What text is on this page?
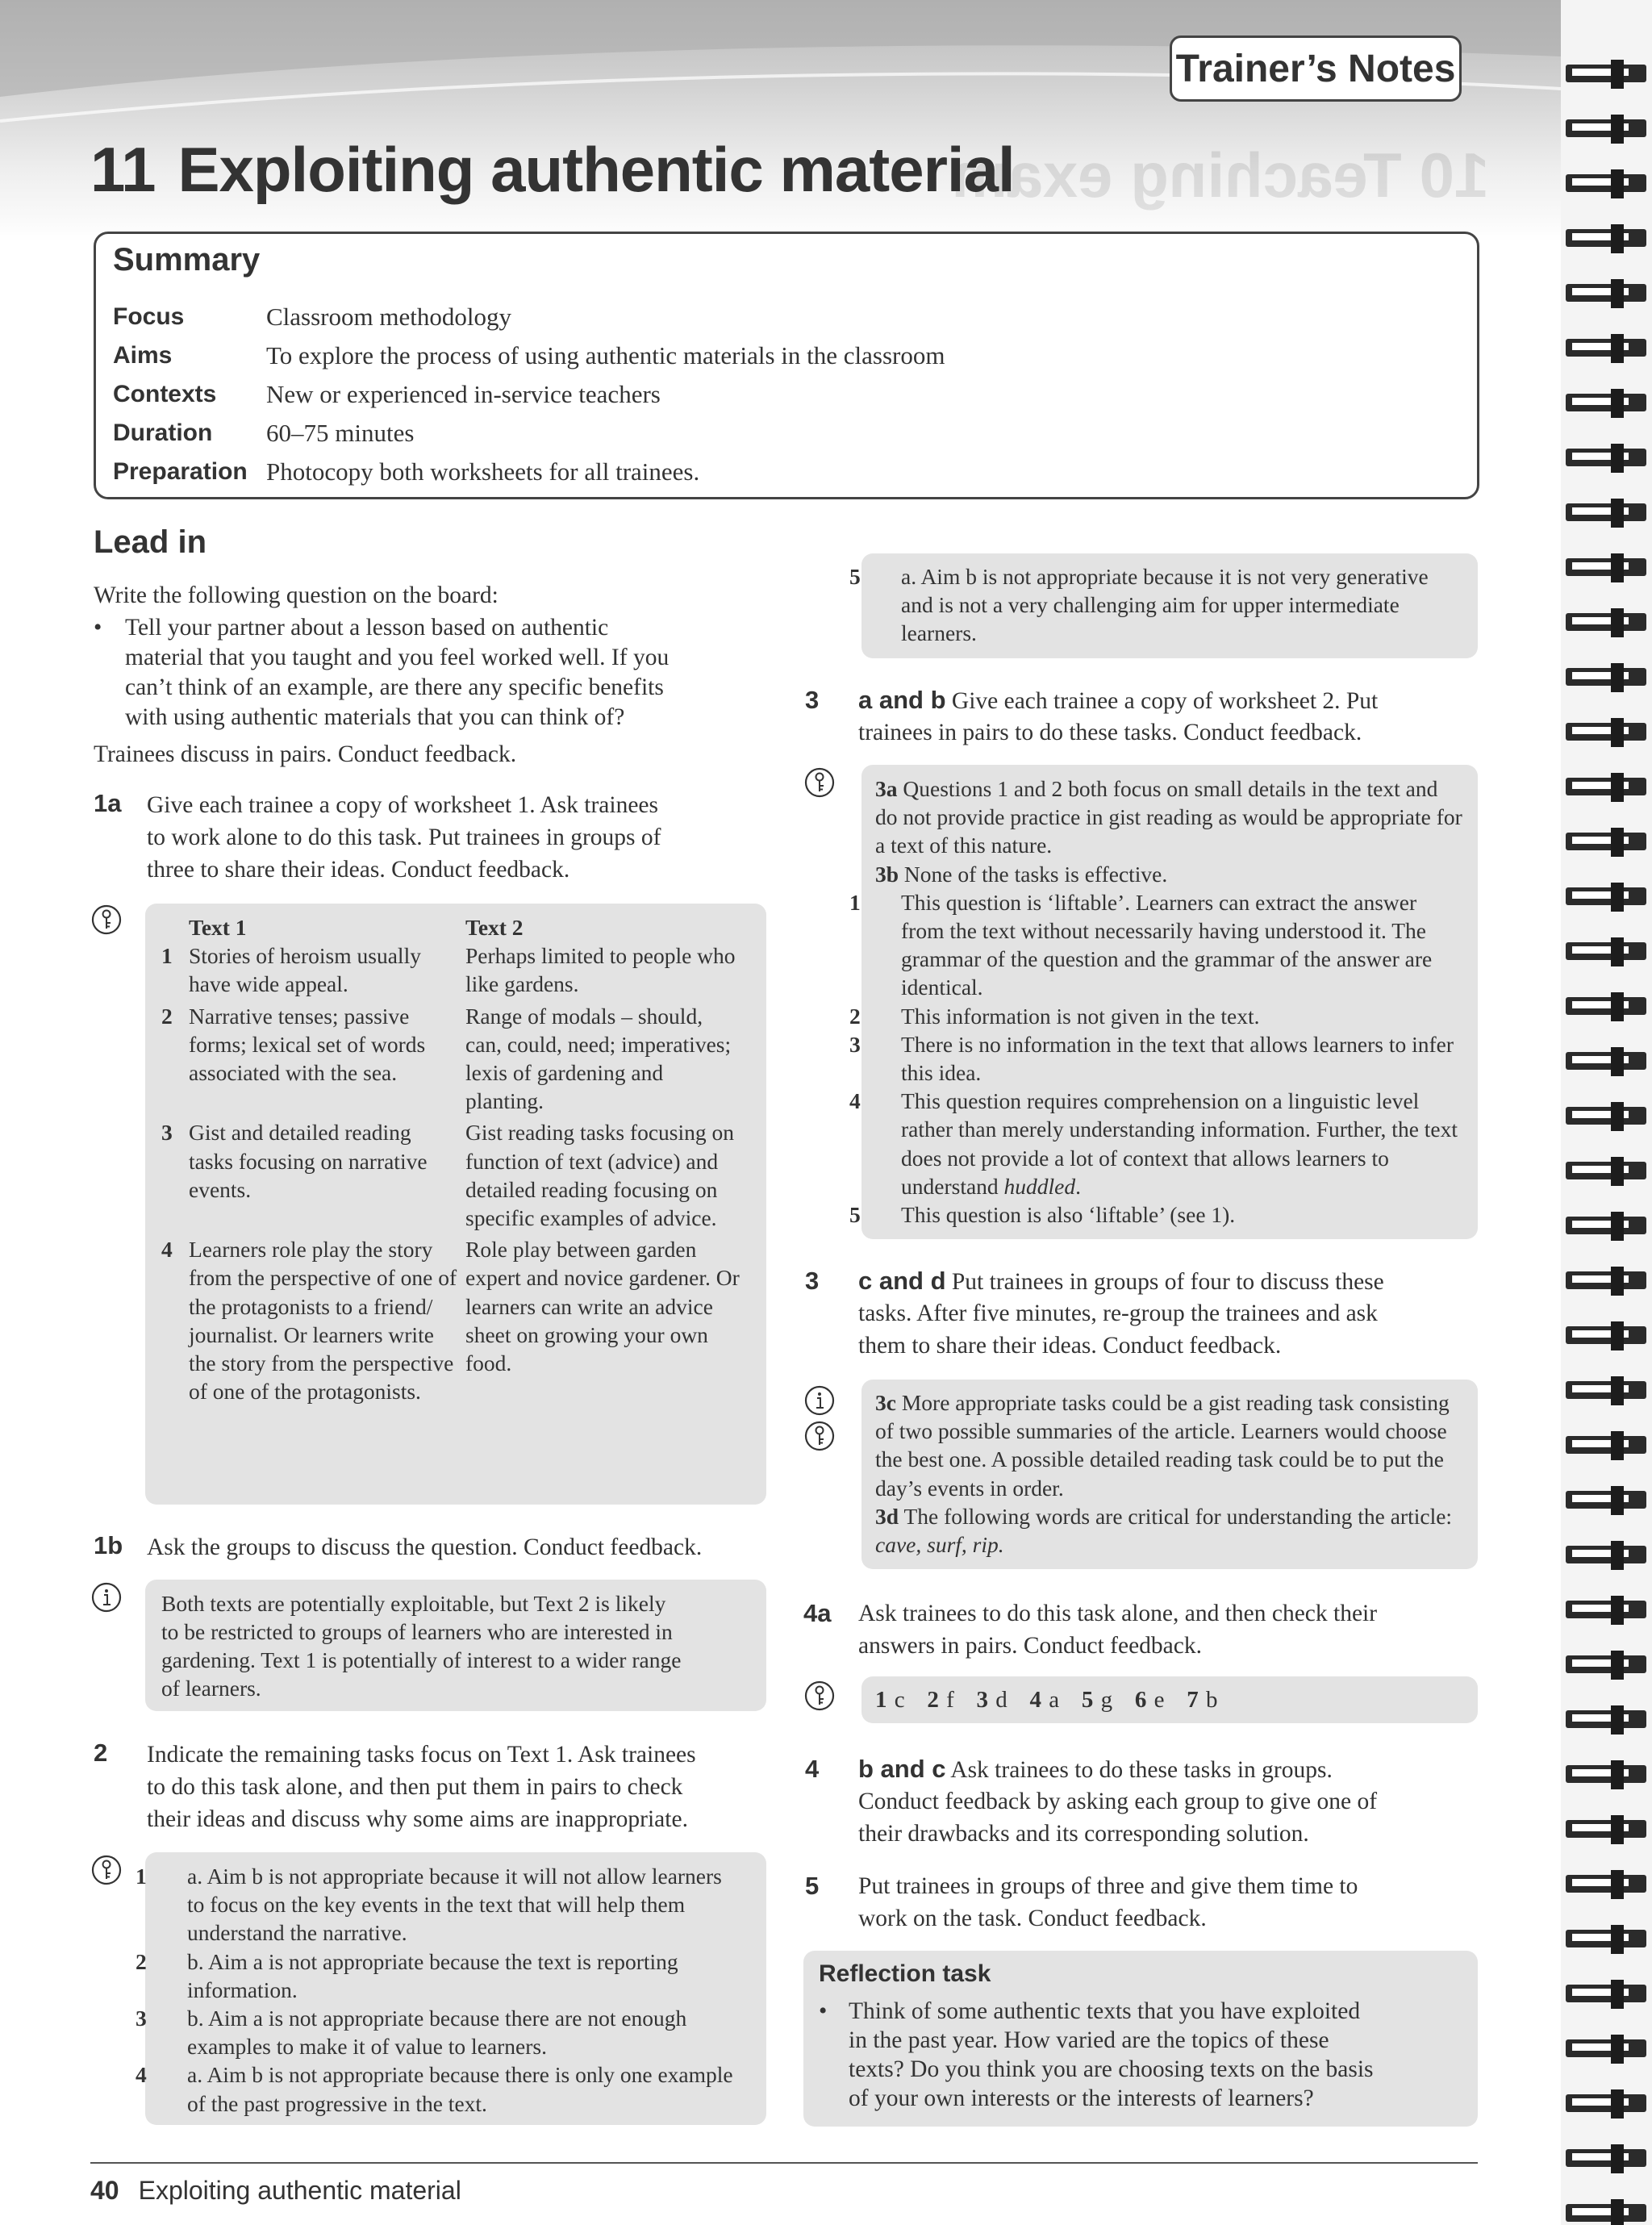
10 Teaching exam
Trainer’s Notes
11 Exploiting authentic material
Summary
Focus	Classroom methodology
Aims	To explore the process of using authentic materials in the classroom
Contexts	New or experienced in-service teachers
Duration	60–75 minutes
Preparation Photocopy both worksheets for all trainees.
Lead in
Write the following question on the board:
• Tell your partner about a lesson based on authentic
material that you taught and you feel worked well. If you
can’t think of an example, are there any specific benefits
with using authentic materials that you can think of?
Trainees discuss in pairs. Conduct feedback.
1a Give each trainee a copy of worksheet 1. Ask trainees
to work alone to do this task. Put trainees in groups of
three to share their ideas. Conduct feedback.
	Text 1	Text 2
1	Stories of heroism usually have wide appeal.	Perhaps limited to people who like gardens.
2	Narrative tenses; passive forms; lexical set of words associated with the sea.	Range of modals – should, can, could, need; imperatives; lexis of gardening and planting.
3	Gist and detailed reading tasks focusing on narrative events.	Gist reading tasks focusing on function of text (advice) and detailed reading focusing on specific examples of advice.
4	Learners role play the story from the perspective of one of the protagonists to a friend/ journalist. Or learners write the story from the perspective of one of the protagonists.	Role play between garden expert and novice gardener. Or learners can write an advice sheet on growing your own food.
1b Ask the groups to discuss the question. Conduct feedback.
Both texts are potentially exploitable, but Text 2 is likely
to be restricted to groups of learners who are interested in
gardening. Text 1 is potentially of interest to a wider range
of learners.
2 Indicate the remaining tasks focus on Text 1. Ask trainees
to do this task alone, and then put them in pairs to check
their ideas and discuss why some aims are inappropriate.

1 a. Aim b is not appropriate because it will not allow learners to focus on the key events in the text that will help them understand the narrative.

2 b. Aim a is not appropriate because the text is reporting information.

3 b. Aim a is not appropriate because there are not enough examples to make it of value to learners.

4 a. Aim b is not appropriate because there is only one example of the past progressive in the text.

5 a. Aim b is not appropriate because it is not very generative and is not a very challenging aim for upper intermediate learners.

3 a and b Give each trainee a copy of worksheet 2. Put
trainees in pairs to do these tasks. Conduct feedback.
3a Questions 1 and 2 both focus on small details in the text and do not provide practice in gist reading as would be appropriate for a text of this nature.
3b None of the tasks is effective.

1 This question is ‘liftable’. Learners can extract the answer from the text without necessarily having understood it. The grammar of the question and the grammar of the answer are identical.

2 This information is not given in the text.

3 There is no information in the text that allows learners to infer this idea.

4 This question requires comprehension on a linguistic level rather than merely understanding information. Further, the text does not provide a lot of context that allows learners to understand huddled.

5 This question is also ‘liftable’ (see 1).

3 c and d Put trainees in groups of four to discuss these
tasks. After five minutes, re-group the trainees and ask
them to share their ideas. Conduct feedback.
3c More appropriate tasks could be a gist reading task consisting of two possible summaries of the article. Learners would choose the best one. A possible detailed reading task could be to put the day’s events in order.
3d The following words are critical for understanding the article: cave, surf, rip.
4a Ask trainees to do this task alone, and then check their
answers in pairs. Conduct feedback.
1 c 2 f 3 d 4 a 5 g 6 e 7 b
4 b and c Ask trainees to do these tasks in groups.
Conduct feedback by asking each group to give one of
their drawbacks and its corresponding solution.
5 Put trainees in groups of three and give them time to
work on the task. Conduct feedback.
Reflection task
• Think of some authentic texts that you have exploited
in the past year. How varied are the topics of these
texts? Do you think you are choosing texts on the basis
of your own interests or the interests of learners?
40 Exploiting authentic material
